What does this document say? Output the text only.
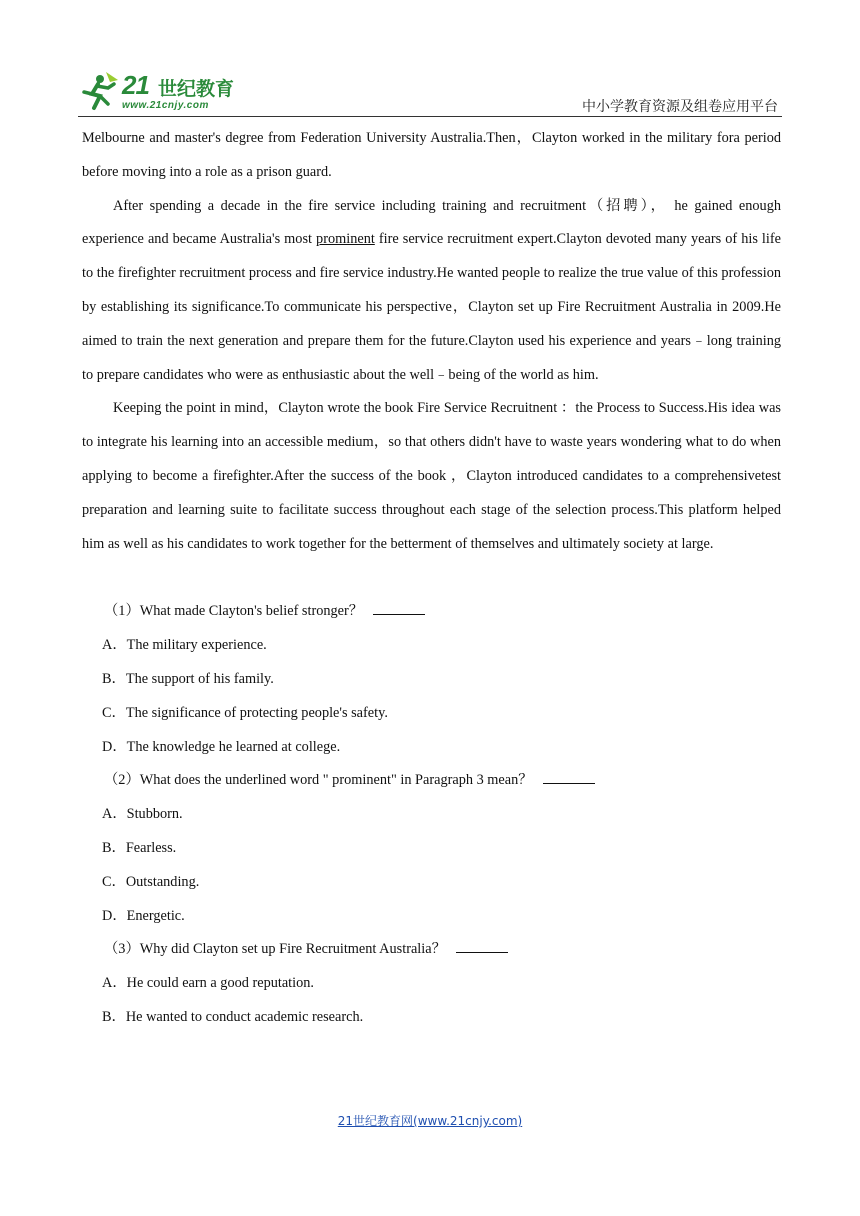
21 世纪教育
www.21cnjy.com	中小学教育资源及组卷应用平台

Melbourne and master's degree from Federation University Australia.Then，Clayton worked in the military fora period before moving into a role as a prison guard.

After spending a decade in the fire service including training and recruitment（招聘）， he gained enough experience and became Australia's most prominent fire service recruitment expert.Clayton devoted many years of his life to the firefighter recruitment process and fire service industry.He wanted people to realize the true value of this profession by establishing its significance.To communicate his perspective，Clayton set up Fire Recruitment Australia in 2009.He aimed to train the next generation and prepare them for the future.Clayton used his experience and years﹣long training to prepare candidates who were as enthusiastic about the well﹣being of the world as him.

Keeping the point in mind，Clayton wrote the book Fire Service Recruitnent ：the Process to Success.His idea was to integrate his learning into an accessible medium，so that others didn't have to waste years wondering what to do when applying to become a firefighter.After the success of the book ，Clayton introduced candidates to a comprehensivetest preparation and learning suite to facilitate success throughout each stage of the selection process.This platform helped him as well as his candidates to work together for the betterment of themselves and ultimately society at large.

（1）What made Clayton's belief stronger？

A．The military experience.

B．The support of his family.

C．The significance of protecting people's safety.

D．The knowledge he learned at college.

（2）What does the underlined word " prominent" in Paragraph 3 mean？

A．Stubborn.

B．Fearless.

C．Outstanding.

D．Energetic.

（3）Why did Clayton set up Fire Recruitment Australia？

A．He could earn a good reputation.

B．He wanted to conduct academic research.

21世纪教育网(www.21cnjy.com)
